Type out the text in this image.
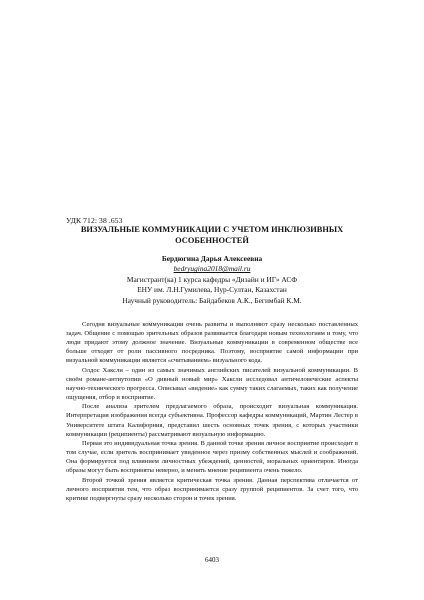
УДК 712: 38 .653
ВИЗУАЛЬНЫЕ КОММУНИКАЦИИ С УЧЕТОМ ИНКЛЮЗИВНЫХ
ОСОБЕННОСТЕЙ
Бердюгина Дарья Алексеевна
bedryugina2018@mail.ru
Магистрант(ка) 1 курса кафедры «Дизайн и ИГ» АСФ
ЕНУ им. Л.Н.Гумилева, Нур-Султан, Казахстан
Научный руководитель: Байдабеков А.К., Бегимбай К.М.

Сегодня визуальные коммуникации очень развиты и выполняют сразу несколько поставленных задач. Общение с помощью зрительных образов развивается благодаря новым технологиям и тому, что люди придают этому должное значение. Визуальные коммуникации в современном обществе все больше отходят от роли пассивного посредника. Поэтому, восприятие самой информации при визуальной коммуникации является «считыванием» визуального кода.

Олдос Хаксли – один из самых значимых английских писателей визуальной коммуникации. В своём романе-антиутопии «О дивный новый мир» Хаксли исследовал античеловеческие аспекты научно-технического прогресса. Описывал «видение» как сумму таких слагаемых, таких как получение ощущения, отбор и восприятие.

После анализа зрителем предлагаемого образа, происходит визуальная коммуникация. Интерпретация изображения всегда субъективна. Профессор кафедры коммуникаций, Мартин Лестер в Университете штата Калифорния, представил шесть основных точек зрения, с которых участники коммуникации (реципиенты) рассматривают визуальную информацию.

Первая это индивидуальная точка зрения. В данной точке зрения личное восприятие происходит в том случае, если зритель воспринимает увиденное через призму собственных мыслей и соображений. Она формируется под влиянием личностных убеждений, ценностей, моральных ориентиров. Иногда образы могут быть восприняты неверно, и менять мнение реципиента очень тяжело.

Второй точкой зрения является критическая точка зрения. Данная перспектива отличается от личного восприятия тем, что образ воспринимается сразу группой реципиентов. За счет того, что критике подвергнуты сразу несколько сторон и точек зрения.

6403
